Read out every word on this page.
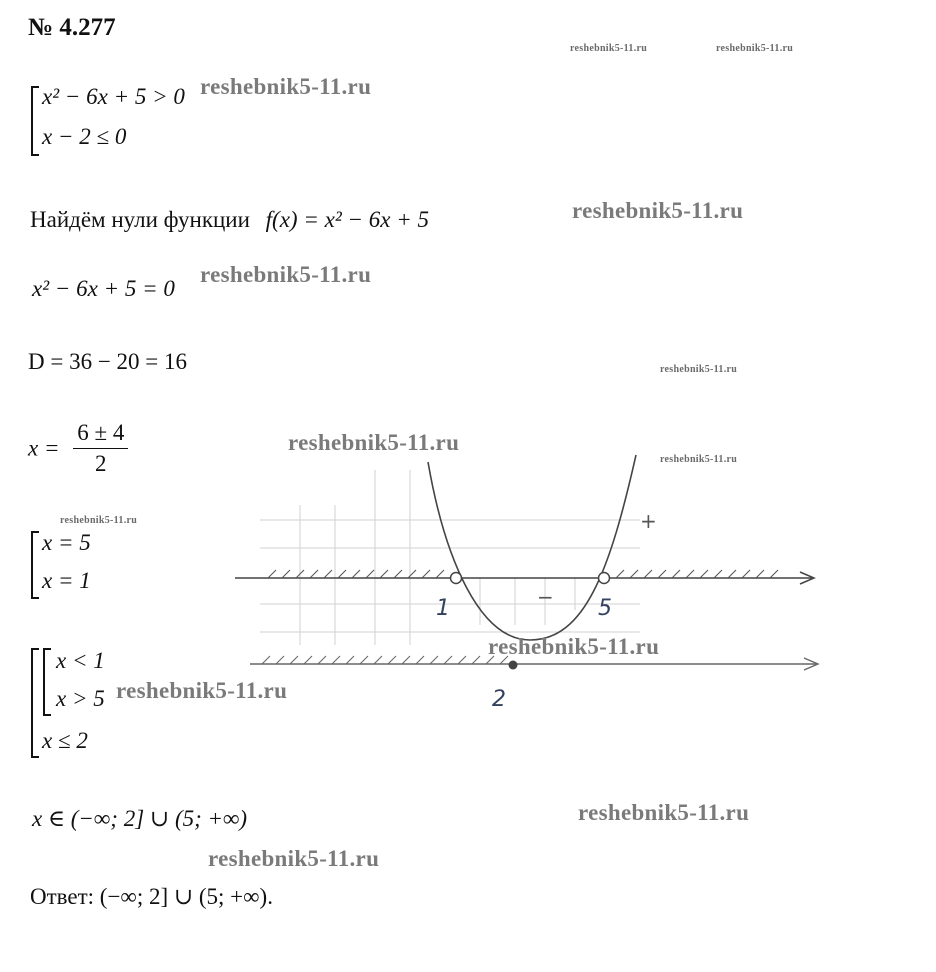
№ 4.277
x² − 6x + 5 > 0
x − 2 ≤ 0
Найдём нули функции f(x) = x² − 6x + 5
x² − 6x + 5 = 0
D = 36 − 20 = 16
$x = \frac{6 \pm 4}{2}$
x = 5
x = 1
x < 1
x > 5
x ≤ 2
x ∈ (−∞; 2] ∪ (5; +∞)
Ответ: (−∞; 2] ∪ (5; +∞).
1	5
2
+
−
reshebnik5-11.ru
reshebnik5-11.ru
reshebnik5-11.ru
reshebnik5-11.ru
reshebnik5-11.ru
reshebnik5-11.ru
reshebnik5-11.ru
reshebnik5-11.ru
reshebnik5-11.ru	reshebnik5-11.ru
reshebnik5-11.ru
reshebnik5-11.ru
reshebnik5-11.ru
